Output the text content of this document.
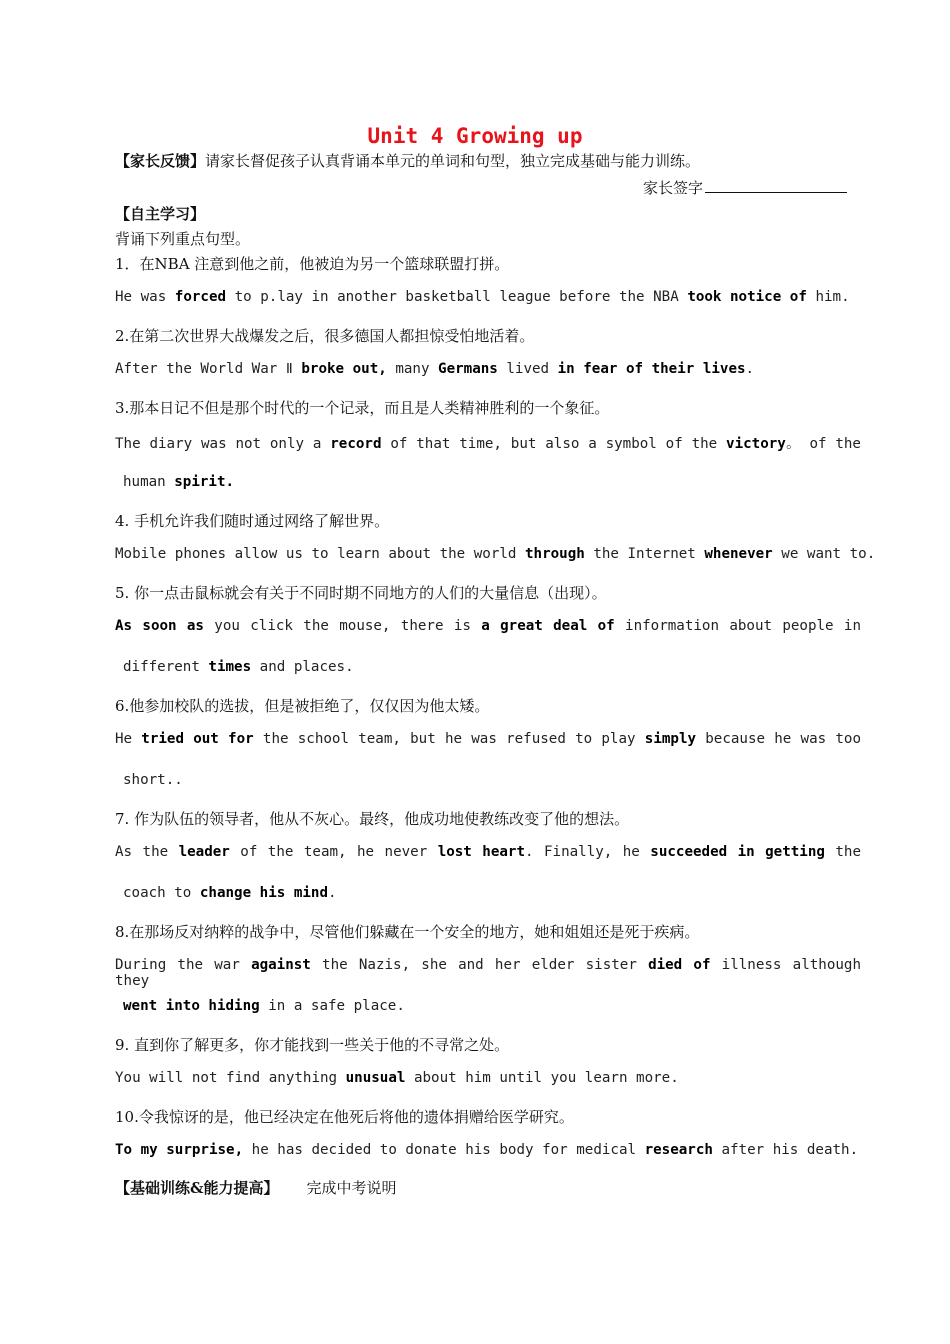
Unit 4 Growing up
【家长反馈】请家长督促孩子认真背诵本单元的单词和句型，独立完成基础与能力训练。
家长签字
【自主学习】
背诵下列重点句型。
1．在NBA 注意到他之前，他被迫为另一个篮球联盟打拼。
He was forced to p.lay in another basketball league before the NBA took notice of him.
2.在第二次世界大战爆发之后，很多德国人都担惊受怕地活着。
After the World War Ⅱ broke out, many Germans lived in fear of their lives.
3.那本日记不但是那个时代的一个记录，而且是人类精神胜利的一个象征。
The diary was not only a record of that time, but also a symbol of the victory。 of the
human spirit.
4. 手机允许我们随时通过网络了解世界。
Mobile phones allow us to learn about the world through the Internet whenever we want to.
5. 你一点击鼠标就会有关于不同时期不同地方的人们的大量信息（出现）。
As soon as you click the mouse, there is a great deal of information about people in
different times and places.
6.他参加校队的选拔，但是被拒绝了，仅仅因为他太矮。
He tried out for the school team, but he was refused to play simply because he was too
short..
7. 作为队伍的领导者，他从不灰心。最终，他成功地使教练改变了他的想法。
As the leader of the team, he never lost heart. Finally, he succeeded in getting the
coach to change his mind.
8.在那场反对纳粹的战争中，尽管他们躲藏在一个安全的地方，她和姐姐还是死于疾病。
During the war against the Nazis, she and her elder sister died of illness although they
went into hiding in a safe place.
9. 直到你了解更多，你才能找到一些关于他的不寻常之处。
You will not find anything unusual about him until you learn more.
10.令我惊讶的是，他已经决定在他死后将他的遗体捐赠给医学研究。
To my surprise, he has decided to donate his body for medical research after his death.
【基础训练&能力提高】 完成中考说明
